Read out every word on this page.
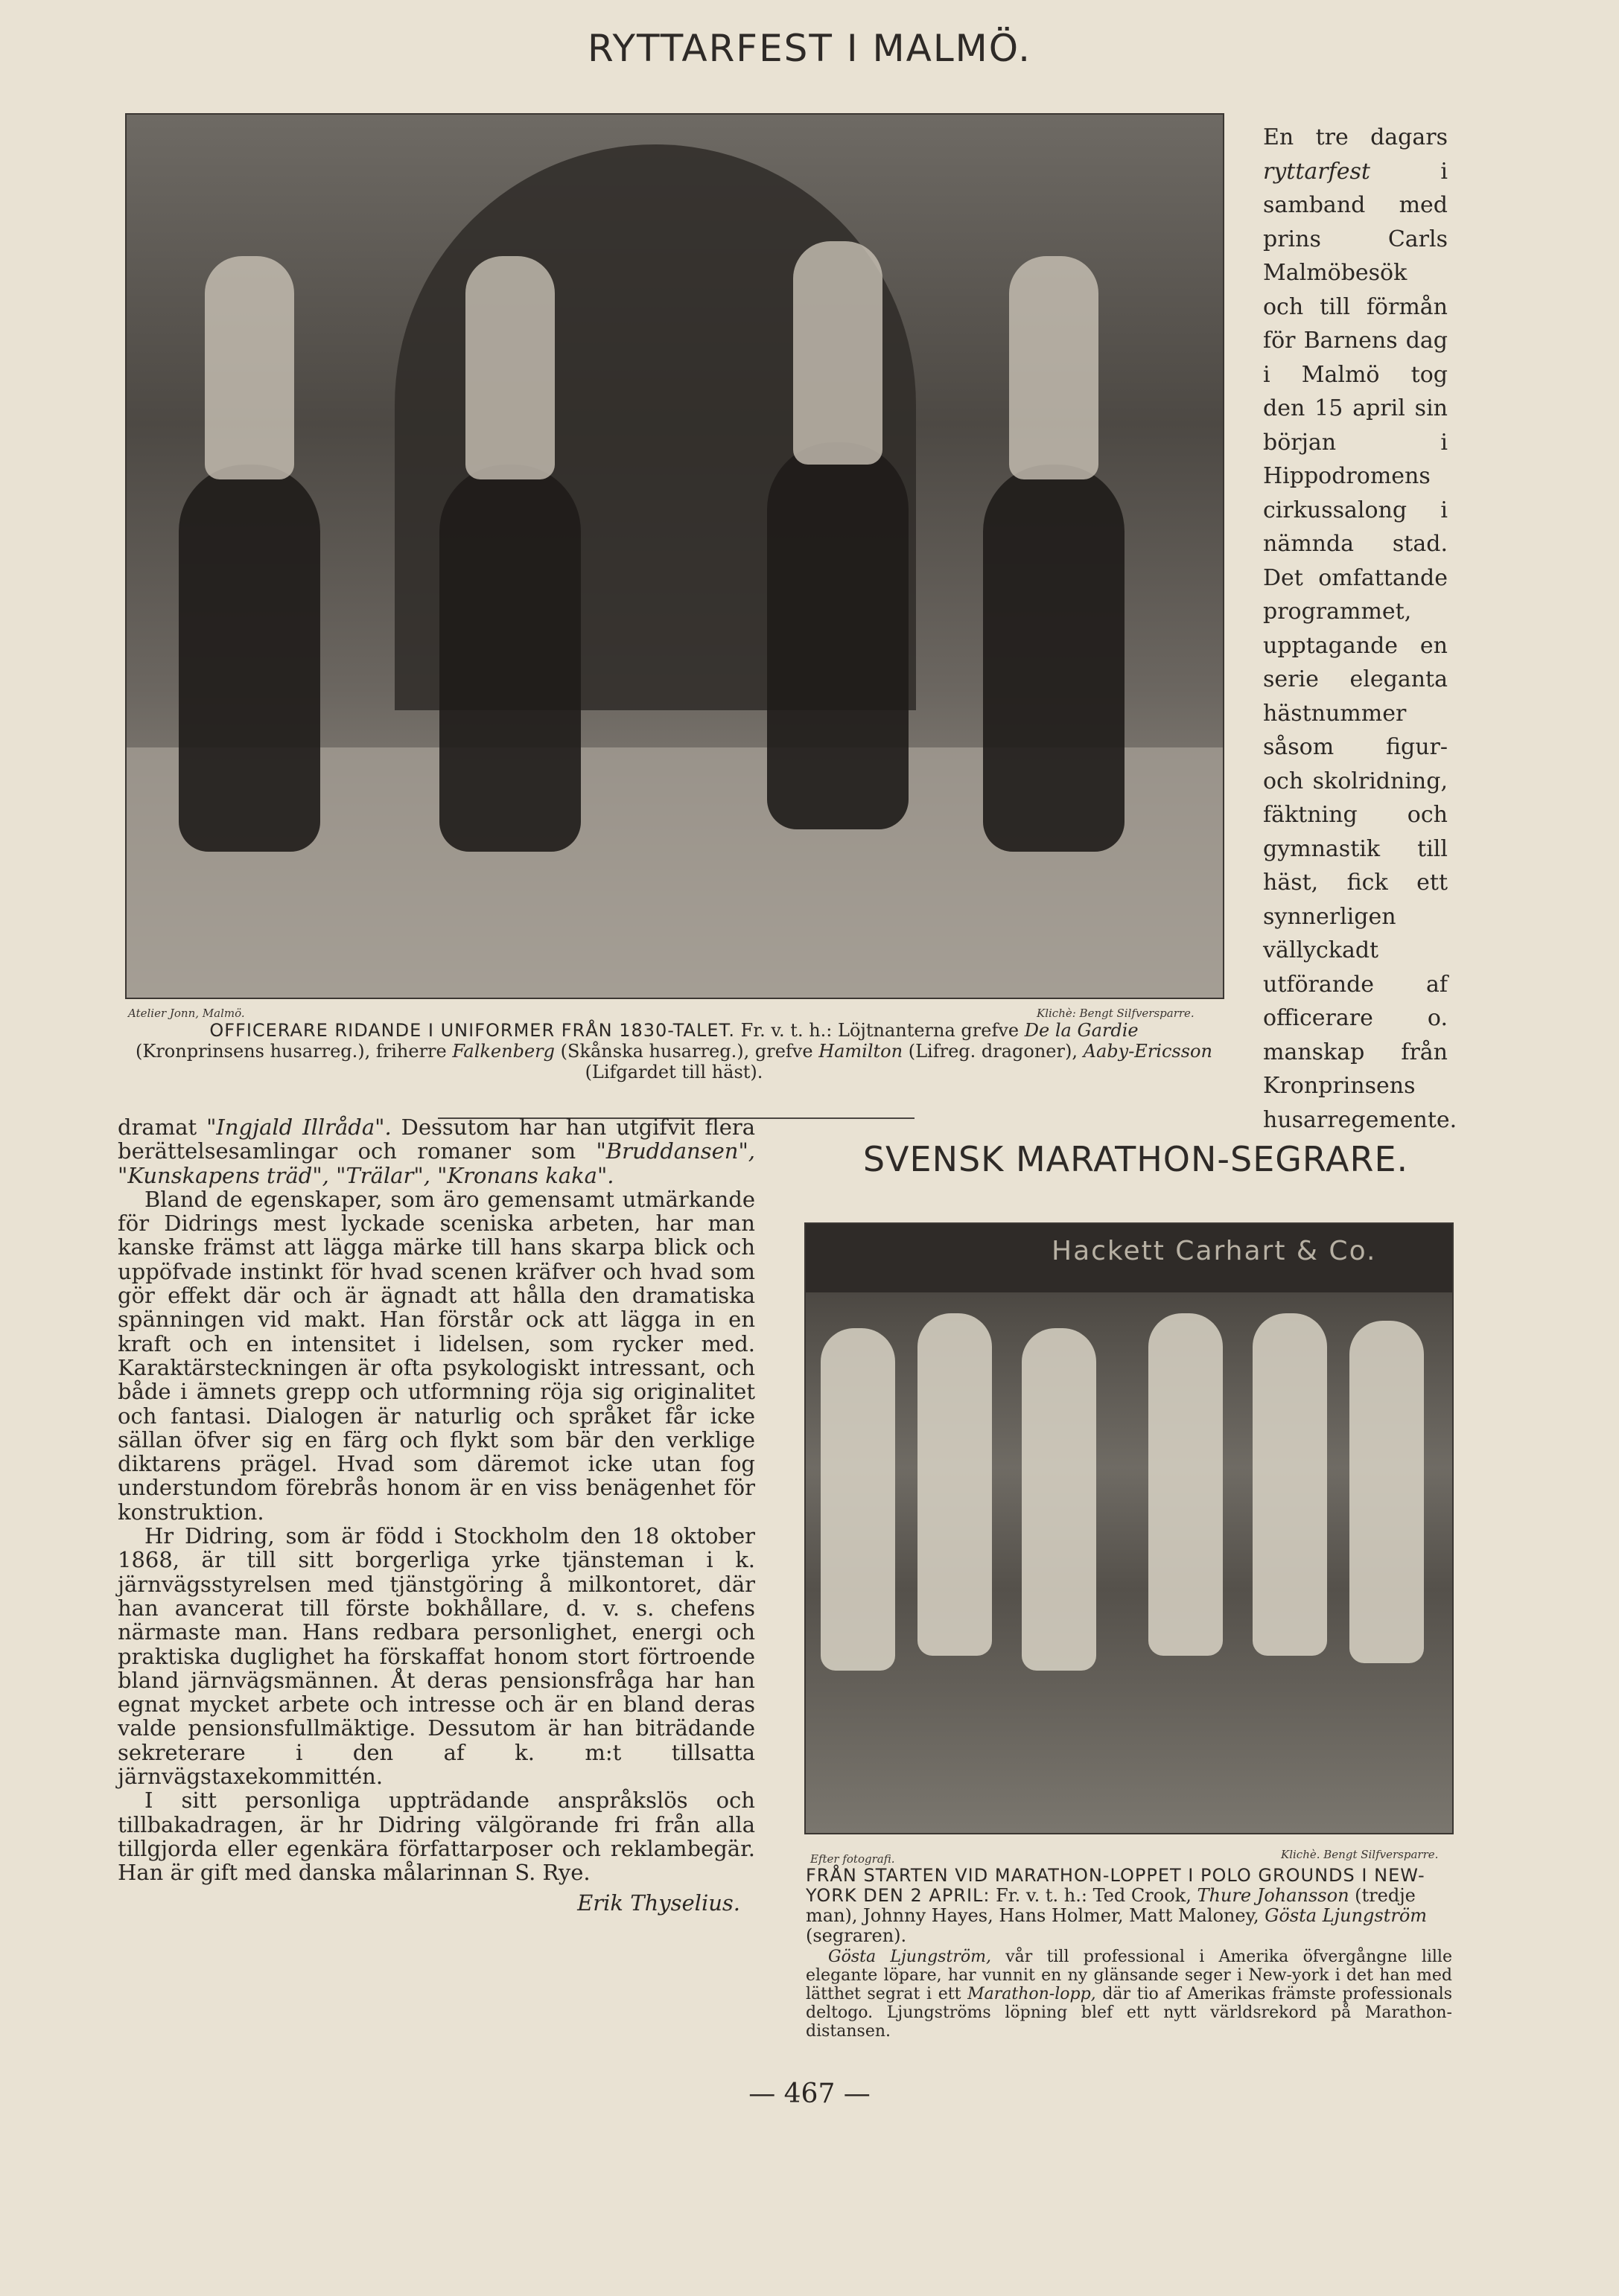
RYTTARFEST I MALMÖ.
Atelier Jonn, Malmö.	Klichè: Bengt Silfversparre.
OFFICERARE RIDANDE I UNIFORMER FRÅN 1830-TALET. Fr. v. t. h.: Löjtnanterna grefve De la Gardie
(Kronprinsens husarreg.), friherre Falkenberg (Skånska husarreg.), grefve Hamilton (Lifreg. dragoner), Aaby-Ericsson
(Lifgardet till häst).
En tre dagars ryttarfest	i samband med prins Carls Malmöbesök och till förmån för Barnens dag i Malmö tog den 15 april sin början i Hippodromens cirkussalong i nämnda stad. Det omfattande programmet, upptagande en serie eleganta hästnummer såsom figur- och skolridning, fäktning och gymnastik till häst, fick ett synnerligen vällyckadt utförande af officerare o. manskap från Kronprinsens husarregemente.

dramat "Ingjald Illråda". Dessutom har han utgifvit flera berättelsesamlingar och romaner som "Bruddansen", "Kunskapens träd", "Trälar", "Kronans kaka".

Bland de egenskaper, som äro gemensamt utmärkande för Didrings mest lyckade sceniska arbeten, har man kanske främst att lägga märke till hans skarpa blick och uppöfvade instinkt för hvad scenen kräfver och hvad som gör effekt där och är ägnadt att hålla den dramatiska spänningen vid makt. Han förstår ock att lägga in en kraft och en intensitet i lidelsen, som rycker med. Karaktärsteckningen är ofta psykologiskt intressant, och både i ämnets grepp och utformning röja sig originalitet och fantasi. Dialogen är naturlig och språket får icke sällan öfver sig en färg och flykt som bär den verklige diktarens prägel. Hvad som däremot icke utan fog understundom förebrås honom är en viss benägenhet för konstruktion.

Hr Didring, som är född i Stockholm den 18 oktober 1868, är till sitt borgerliga yrke tjänsteman i k. järnvägsstyrelsen med tjänstgöring å milkontoret, där han avancerat till förste bokhållare, d. v. s. chefens närmaste man. Hans redbara personlighet, energi och praktiska duglighet ha förskaffat honom stort förtroende bland järnvägsmännen. Åt deras pensionsfråga har han egnat mycket arbete och intresse och är en bland deras valde pensionsfullmäktige. Dessutom är han biträdande sekreterare i den af k. m:t tillsatta järnvägstaxekommittén.

I sitt personliga uppträdande anspråkslös och tillbakadragen, är hr Didring välgörande fri från alla tillgjorda eller egenkära författarposer och reklambegär. Han är gift med danska målarinnan S. Rye.

Erik Thyselius.
SVENSK MARATHON-SEGRARE.
Hackett Carhart & Co.
Efter fotografi.	Klichè. Bengt Silfversparre.
FRÅN STARTEN VID MARATHON-LOPPET I POLO GROUNDS I NEW-YORK DEN 2 APRIL: Fr. v. t. h.: Ted Crook, Thure Johansson (tredje man), Johnny Hayes, Hans Holmer, Matt Maloney, Gösta Ljungström (segraren).
Gösta Ljungström, vår till professional i Amerika öfvergångne lille elegante löpare, har vunnit en ny glänsande seger i New-york i det han med lätthet segrat i ett Marathon-lopp, där tio af Amerikas främste professionals deltogo. Ljungströms löpning blef ett nytt världsrekord på Marathon-distansen.
— 467 —
